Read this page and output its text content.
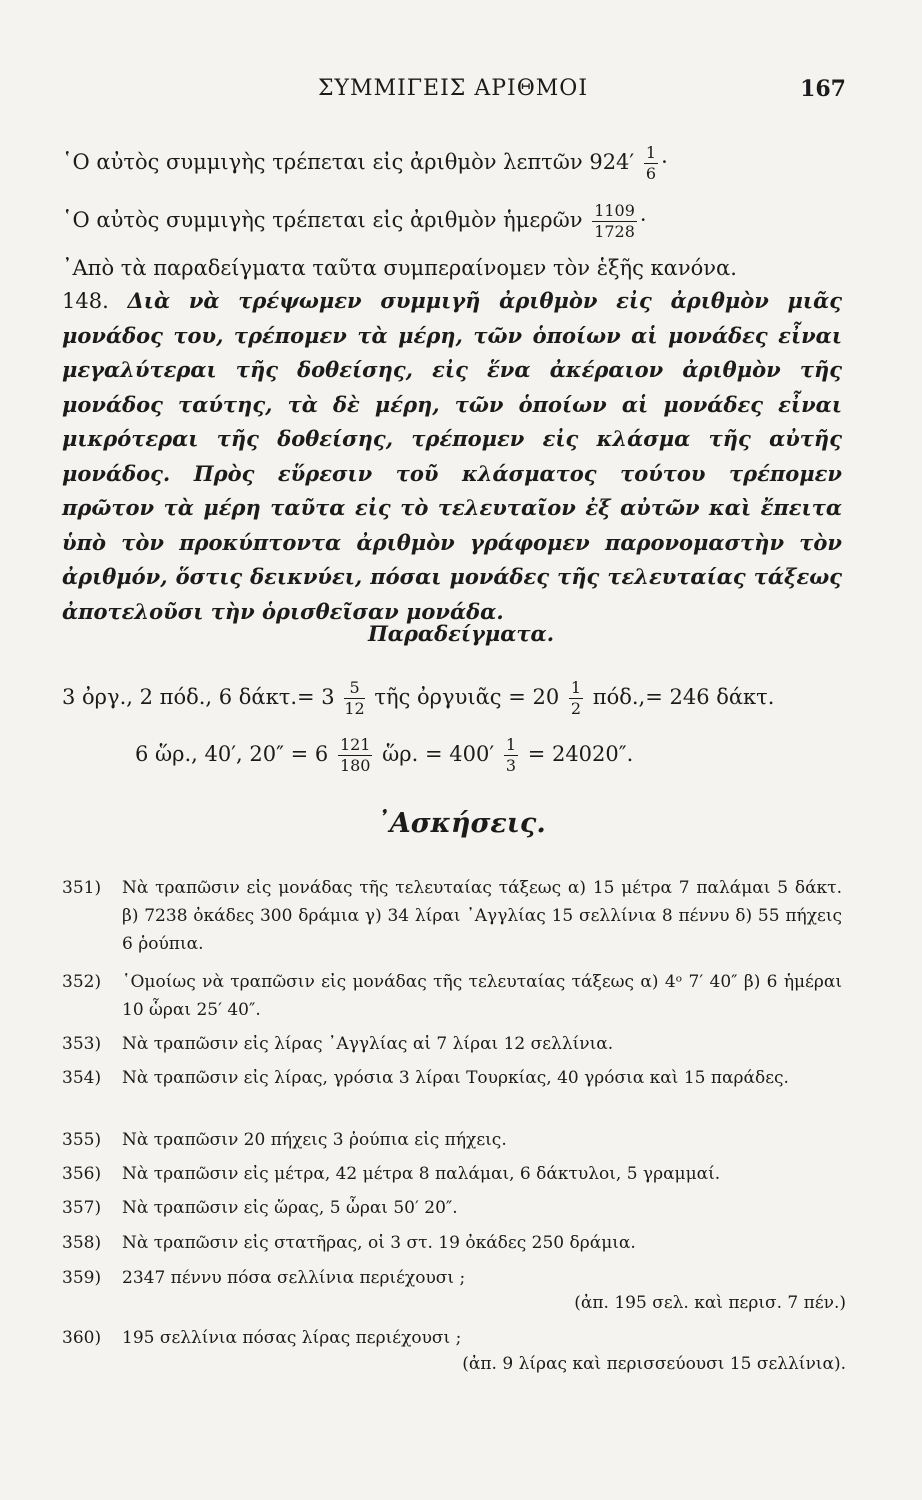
ΣΥΜΜΙΓΕΙΣ ΑΡΙΘΜΟΙ	167
῾Ο αὐτὸς συμμιγὴς τρέπεται εἰς ἀριθμὸν λεπτῶν $924' \frac{1}{6}$ ·
῾Ο αὐτὸς συμμιγὴς τρέπεται εἰς ἀριθμὸν ἡμερῶν $\frac{1109}{1728}$ ·
᾿Απὸ τὰ παραδείγματα ταῦτα συμπεραίνομεν τὸν ἑξῆς κανόνα.
148. Διὰ νὰ τρέψωμεν συμμιγῆ ἀριθμὸν εἰς ἀριθμὸν μιᾶς μονάδος του, τρέπομεν τὰ μέρη, τῶν ὁποίων αἱ μονάδες εἶναι μεγαλύτεραι τῆς δοθείσης, εἰς ἕνα ἀκέραιον ἀριθμὸν τῆς μονάδος ταύτης, τὰ δὲ μέρη, τῶν ὁποίων αἱ μονάδες εἶναι μικρότεραι τῆς δοθείσης, τρέπομεν εἰς κλάσμα τῆς αὐτῆς μονάδος. Πρὸς εὕρεσιν τοῦ κλάσματος τούτου τρέπομεν πρῶτον τὰ μέρη ταῦτα εἰς τὸ τελευταῖον ἐξ αὐτῶν καὶ ἔπειτα ὑπὸ τὸν προκύπτοντα ἀριθμὸν γράφομεν παρονομαστὴν τὸν ἀριθμόν, ὅστις δεικνύει, πόσαι μονάδες τῆς τελευταίας τάξεως ἀποτελοῦσι τὴν ὁρισθεῖσαν μονάδα.
Παραδείγματα.
3 ὀργ., 2 πόδ., 6 $\delta ά\kappa\tau.= 3 \frac{5}{12}$ τῆς ὀργυιᾶς = $20 \frac{1}{2} \pi ό\delta.,= 246$ δάκτ.
6 ὥρ., 40′, $20'' = 6 \frac{121}{180}$ ὥρ. = $400' \frac{1}{3} = 24020''$.
᾿Ασκήσεις.
351) Νὰ τραπῶσιν εἰς μονάδας τῆς τελευταίας τάξεως α) 15 μέτρα 7 παλάμαι 5 δάκτ. β) 7238 ὀκάδες 300 δράμια γ) 34 λίραι ᾿Αγγλίας 15 σελλίνια 8 πέννυ δ) 55 πήχεις 6 ῥούπια.
352) ῾Ομοίως νὰ τραπῶσιν εἰς μονάδας τῆς τελευταίας τάξεως α) 4ᵒ 7′ 40″ β) 6 ἡμέραι 10 ὧραι 25′ 40″.
353) Νὰ τραπῶσιν εἰς λίρας ᾿Αγγλίας αἱ 7 λίραι 12 σελλίνια.
354) Νὰ τραπῶσιν εἰς λίρας, γρόσια 3 λίραι Τουρκίας, 40 γρόσια καὶ 15 παράδες.
355) Νὰ τραπῶσιν 20 πήχεις 3 ῥούπια εἰς πήχεις.
356) Νὰ τραπῶσιν εἰς μέτρα, 42 μέτρα 8 παλάμαι, 6 δάκτυλοι, 5 γραμμαί.
357) Νὰ τραπῶσιν εἰς ὥρας, 5 ὧραι 50′ 20″.
358) Νὰ τραπῶσιν εἰς στατῆρας, οἱ 3 στ. 19 ὀκάδες 250 δράμια.
359) 2347 πέννυ πόσα σελλίνια περιέχουσι ;
(ἀπ. 195 σελ. καὶ περισ. 7 πέν.)
360) 195 σελλίνια πόσας λίρας περιέχουσι ;
(ἀπ. 9 λίρας καὶ περισσεύουσι 15 σελλίνια).
